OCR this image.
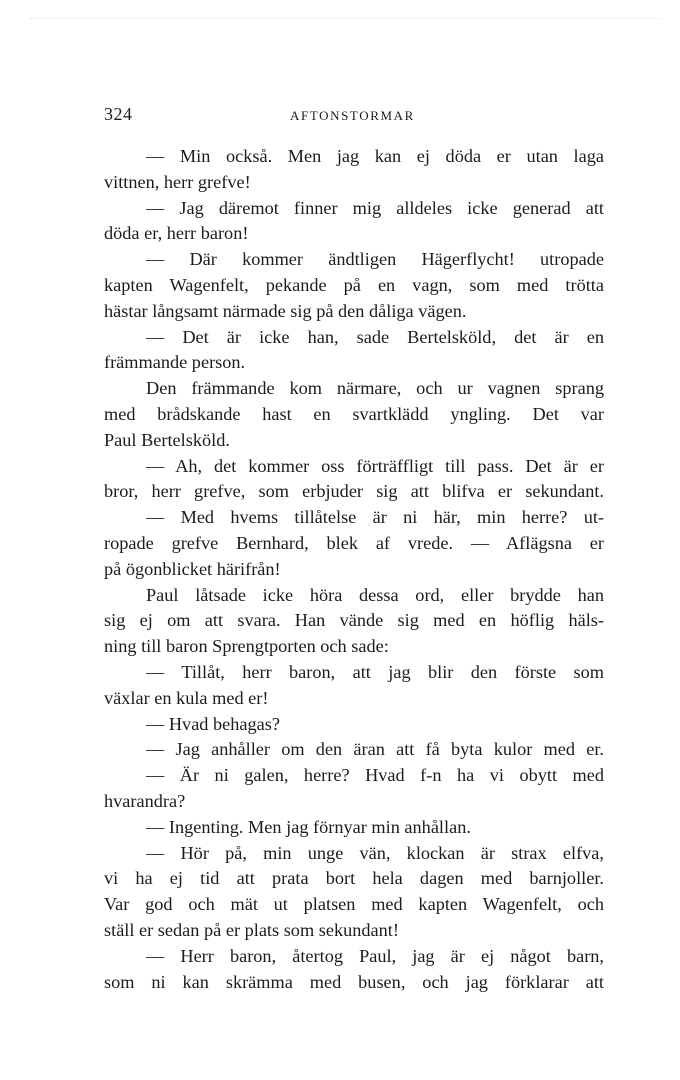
324	AFTONSTORMAR
— Min också. Men jag kan ej döda er utan laga
vittnen, herr grefve!
— Jag däremot finner mig alldeles icke generad att
döda er, herr baron!
— Där kommer ändtligen Hägerflycht! utropade
kapten Wagenfelt, pekande på en vagn, som med trötta
hästar långsamt närmade sig på den dåliga vägen.
— Det är icke han, sade Bertelsköld, det är en
främmande person.
Den främmande kom närmare, och ur vagnen sprang
med brådskande hast en svartklädd yngling. Det var
Paul Bertelsköld.
— Ah, det kommer oss förträffligt till pass. Det är er
bror, herr grefve, som erbjuder sig att blifva er sekundant.
— Med hvems tillåtelse är ni här, min herre? ut-
ropade grefve Bernhard, blek af vrede. — Aflägsna er
på ögonblicket härifrån!
Paul låtsade icke höra dessa ord, eller brydde han
sig ej om att svara. Han vände sig med en höflig häls-
ning till baron Sprengtporten och sade:
— Tillåt, herr baron, att jag blir den förste som
växlar en kula med er!
— Hvad behagas?
— Jag anhåller om den äran att få byta kulor med er.
— Är ni galen, herre? Hvad f-n ha vi obytt med
hvarandra?
— Ingenting. Men jag förnyar min anhållan.
— Hör på, min unge vän, klockan är strax elfva,
vi ha ej tid att prata bort hela dagen med barnjoller.
Var god och mät ut platsen med kapten Wagenfelt, och
ställ er sedan på er plats som sekundant!
— Herr baron, återtog Paul, jag är ej något barn,
som ni kan skrämma med busen, och jag förklarar att
